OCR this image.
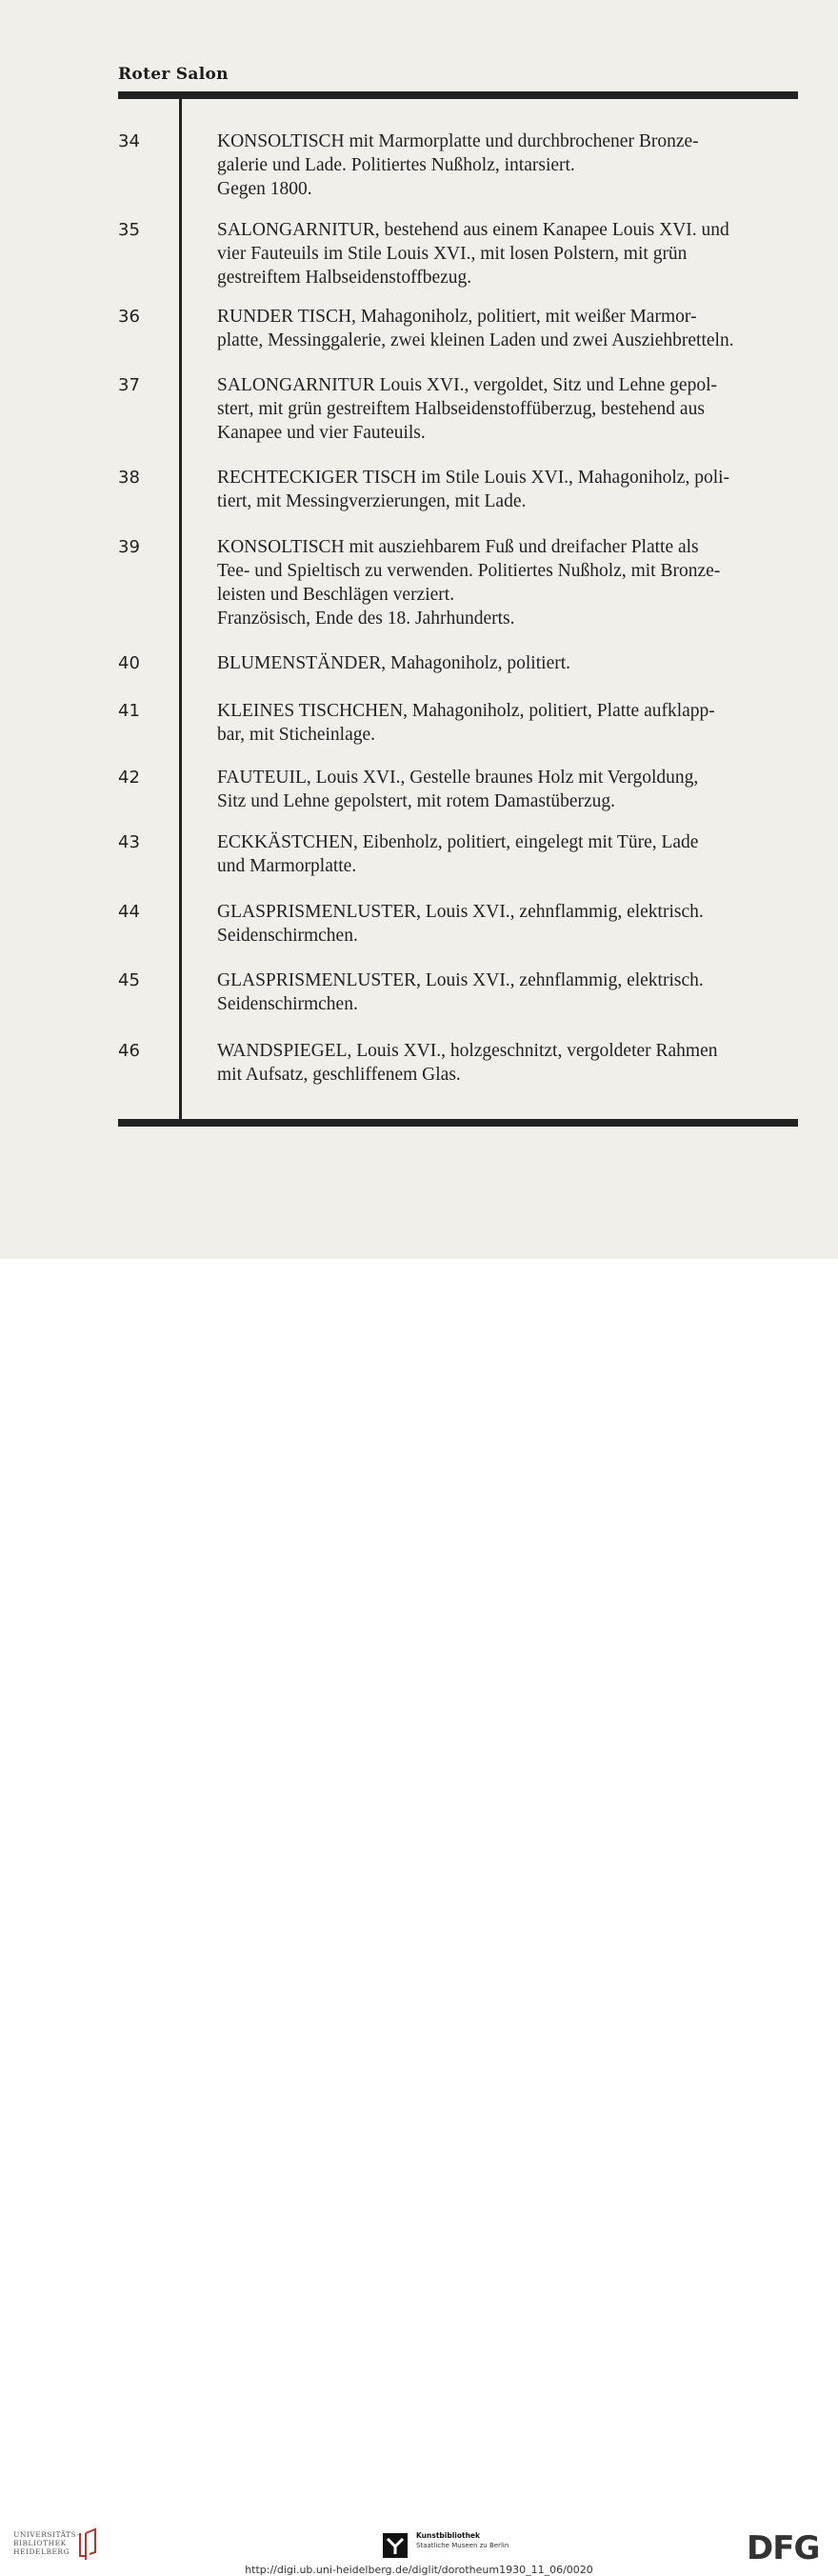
Roter Salon
34	KONSOLTISCH mit Marmorplatte und durchbrochener Bronze-
galerie und Lade. Politiertes Nußholz, intarsiert.
Gegen 1800.
35	SALONGARNITUR, bestehend aus einem Kanapee Louis XVI. und
vier Fauteuils im Stile Louis XVI., mit losen Polstern, mit grün
gestreiftem Halbseidenstoffbezug.
36	RUNDER TISCH, Mahagoniholz, politiert, mit weißer Marmor-
platte, Messinggalerie, zwei kleinen Laden und zwei Ausziehbretteln.
37	SALONGARNITUR Louis XVI., vergoldet, Sitz und Lehne gepol-
stert, mit grün gestreiftem Halbseidenstoffüberzug, bestehend aus
Kanapee und vier Fauteuils.
38	RECHTECKIGER TISCH im Stile Louis XVI., Mahagoniholz, poli-
tiert, mit Messingverzierungen, mit Lade.
39	KONSOLTISCH mit ausziehbarem Fuß und dreifacher Platte als
Tee- und Spieltisch zu verwenden. Politiertes Nußholz, mit Bronze-
leisten und Beschlägen verziert.
Französisch, Ende des 18. Jahrhunderts.
40	BLUMENSTÄNDER, Mahagoniholz, politiert.
41	KLEINES TISCHCHEN, Mahagoniholz, politiert, Platte aufklapp-
bar, mit Sticheinlage.
42	FAUTEUIL, Louis XVI., Gestelle braunes Holz mit Vergoldung,
Sitz und Lehne gepolstert, mit rotem Damastüberzug.
43	ECKKÄSTCHEN, Eibenholz, politiert, eingelegt mit Türe, Lade
und Marmorplatte.
44	GLASPRISMENLUSTER, Louis XVI., zehnflammig, elektrisch.
Seidenschirmchen.
45	GLASPRISMENLUSTER, Louis XVI., zehnflammig, elektrisch.
Seidenschirmchen.
46	WANDSPIEGEL, Louis XVI., holzgeschnitzt, vergoldeter Rahmen
mit Aufsatz, geschliffenem Glas.
UNIVERSITÄTS-
BIBLIOTHEK
HEIDELBERG
Kunstbibliothek
Staatliche Museen zu Berlin	DFG
http://digi.ub.uni-heidelberg.de/diglit/dorotheum1930_11_06/0020
